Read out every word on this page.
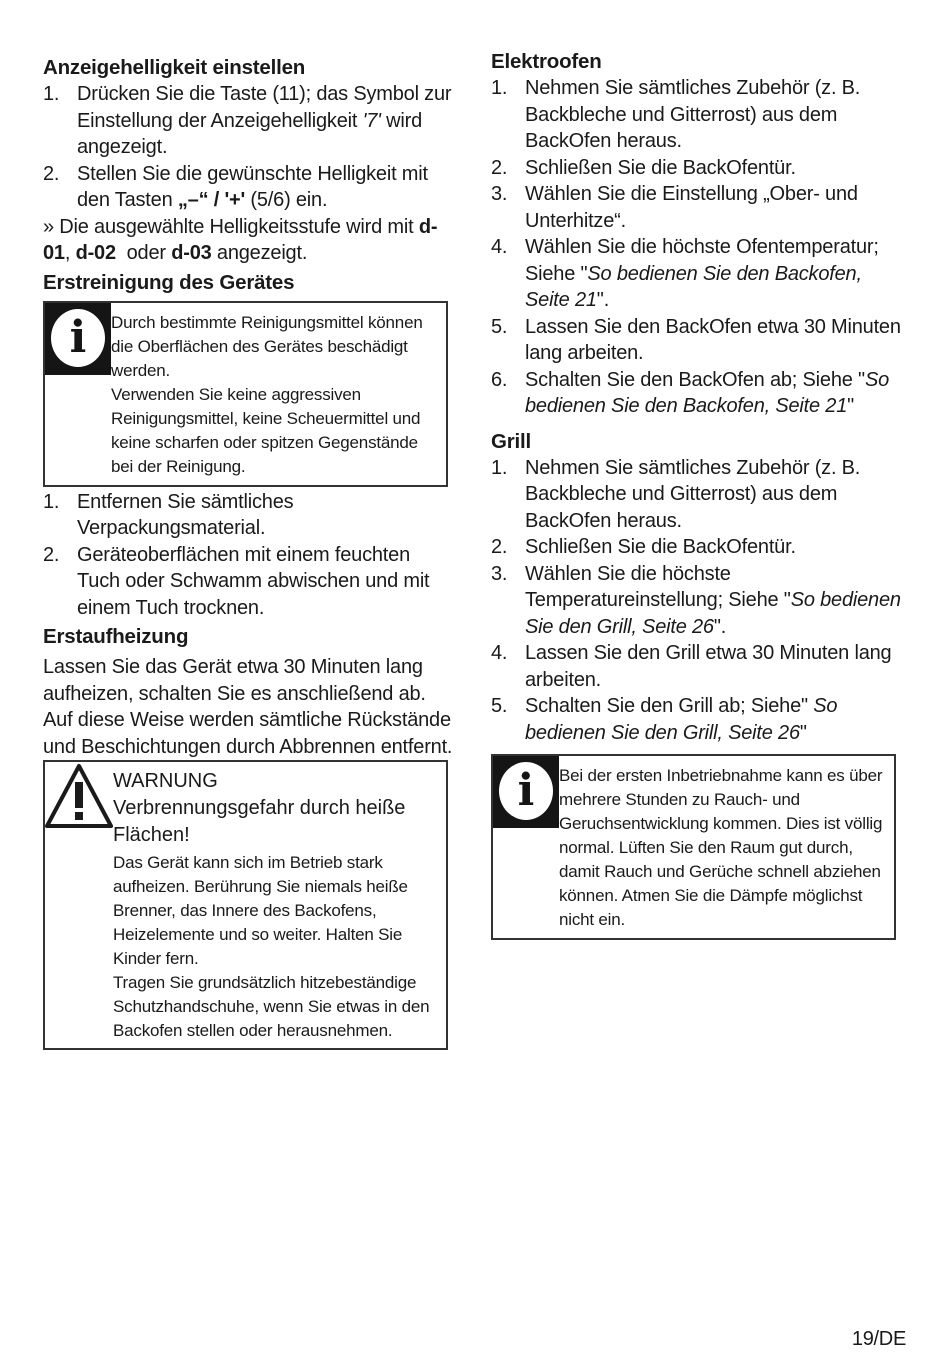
Anzeigehelligkeit einstellen
1. Drücken Sie die Taste (11); das Symbol zur Einstellung der Anzeigehelligkeit '7' wird angezeigt.
2. Stellen Sie die gewünschte Helligkeit mit den Tasten „–“ / '+' (5/6) ein.

» Die ausgewählte Helligkeitsstufe wird mit d-01, d-02  oder d-03 angezeigt.

Erstreinigung des Gerätes
i	Durch bestimmte Reinigungsmittel können die Oberflächen des Gerätes beschädigt werden.

Verwenden Sie keine aggressiven Reinigungsmittel, keine Scheuermittel und keine scharfen oder spitzen Gegenstände bei der Reinigung.

1. Entfernen Sie sämtliches Verpackungsmaterial.
2. Geräteoberflächen mit einem feuchten Tuch oder Schwamm abwischen und mit einem Tuch trocknen.
Erstaufheizung

Lassen Sie das Gerät etwa 30 Minuten lang aufheizen, schalten Sie es anschließend ab. Auf diese Weise werden sämtliche Rückstände und Beschichtungen durch Abbrennen entfernt.

WARNUNG

Verbrennungsgefahr durch heiße Flächen!

Das Gerät kann sich im Betrieb stark aufheizen. Berührung Sie niemals heiße Brenner, das Innere des Backofens, Heizelemente und so weiter. Halten Sie Kinder fern.

Tragen Sie grundsätzlich hitzebeständige Schutzhandschuhe, wenn Sie etwas in den Backofen stellen oder herausnehmen.

Elektroofen
1. Nehmen Sie sämtliches Zubehör (z. B. Backbleche und Gitterrost) aus dem BackOfen heraus.
2. Schließen Sie die BackOfentür.
3. Wählen Sie die Einstellung „Ober- und Unterhitze“.
4. Wählen Sie die höchste Ofentemperatur; Siehe "So bedienen Sie den Backofen, Seite 21".
5. Lassen Sie den BackOfen etwa 30 Minuten lang arbeiten.
6. Schalten Sie den BackOfen ab; Siehe "So bedienen Sie den Backofen, Seite 21"
Grill
1. Nehmen Sie sämtliches Zubehör (z. B. Backbleche und Gitterrost) aus dem BackOfen heraus.
2. Schließen Sie die BackOfentür.
3. Wählen Sie die höchste Temperatureinstellung; Siehe "So bedienen Sie den Grill, Seite 26".
4. Lassen Sie den Grill etwa 30 Minuten lang arbeiten.
5. Schalten Sie den Grill ab; Siehe" So bedienen Sie den Grill, Seite 26"
i	Bei der ersten Inbetriebnahme kann es über mehrere Stunden zu Rauch- und Geruchsentwicklung kommen. Dies ist völlig normal. Lüften Sie den Raum gut durch, damit Rauch und Gerüche schnell abziehen können. Atmen Sie die Dämpfe möglichst nicht ein.

19/DE
